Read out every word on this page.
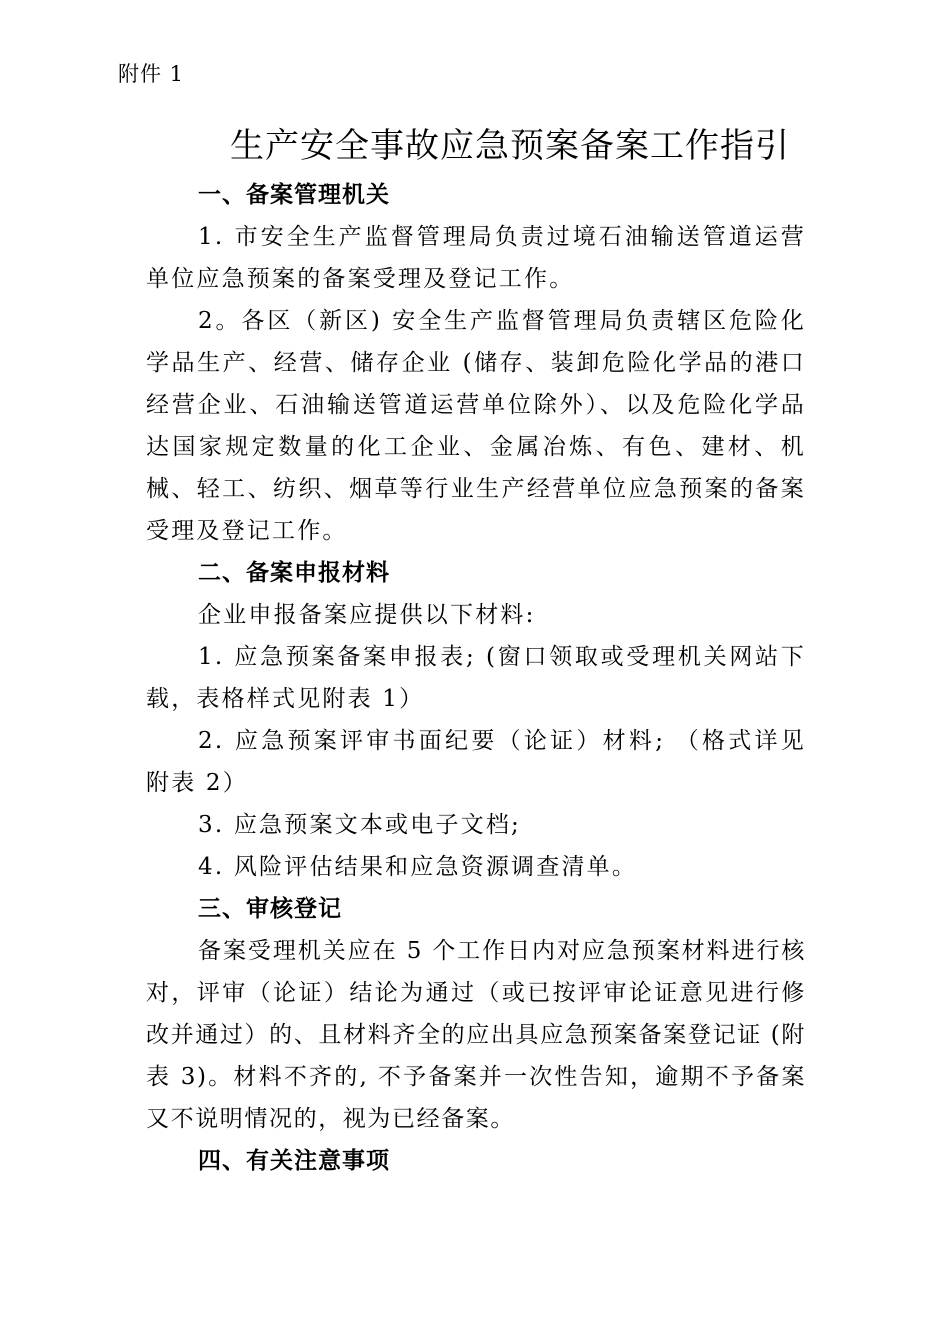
附件 1
生产安全事故应急预案备案工作指引
一、备案管理机关

1. 市安全生产监督管理局负责过境石油输送管道运营单位应急预案的备案受理及登记工作。

2。各区（新区) 安全生产监督管理局负责辖区危险化学品生产、经营、储存企业 (储存、装卸危险化学品的港口经营企业、石油输送管道运营单位除外）、以及危险化学品达国家规定数量的化工企业、金属冶炼、有色、建材、机械、轻工、纺织、烟草等行业生产经营单位应急预案的备案受理及登记工作。

二、备案申报材料

企业申报备案应提供以下材料:

1. 应急预案备案申报表; (窗口领取或受理机关网站下载，表格样式见附表 1）

2. 应急预案评审书面纪要（论证）材料; （格式详见附表 2）

3. 应急预案文本或电子文档;

4. 风险评估结果和应急资源调查清单。

三、审核登记

备案受理机关应在 5 个工作日内对应急预案材料进行核对，评审（论证）结论为通过（或已按评审论证意见进行修改并通过）的、且材料齐全的应出具应急预案备案登记证 (附表 3)。材料不齐的, 不予备案并一次性告知，逾期不予备案又不说明情况的，视为已经备案。

四、有关注意事项
